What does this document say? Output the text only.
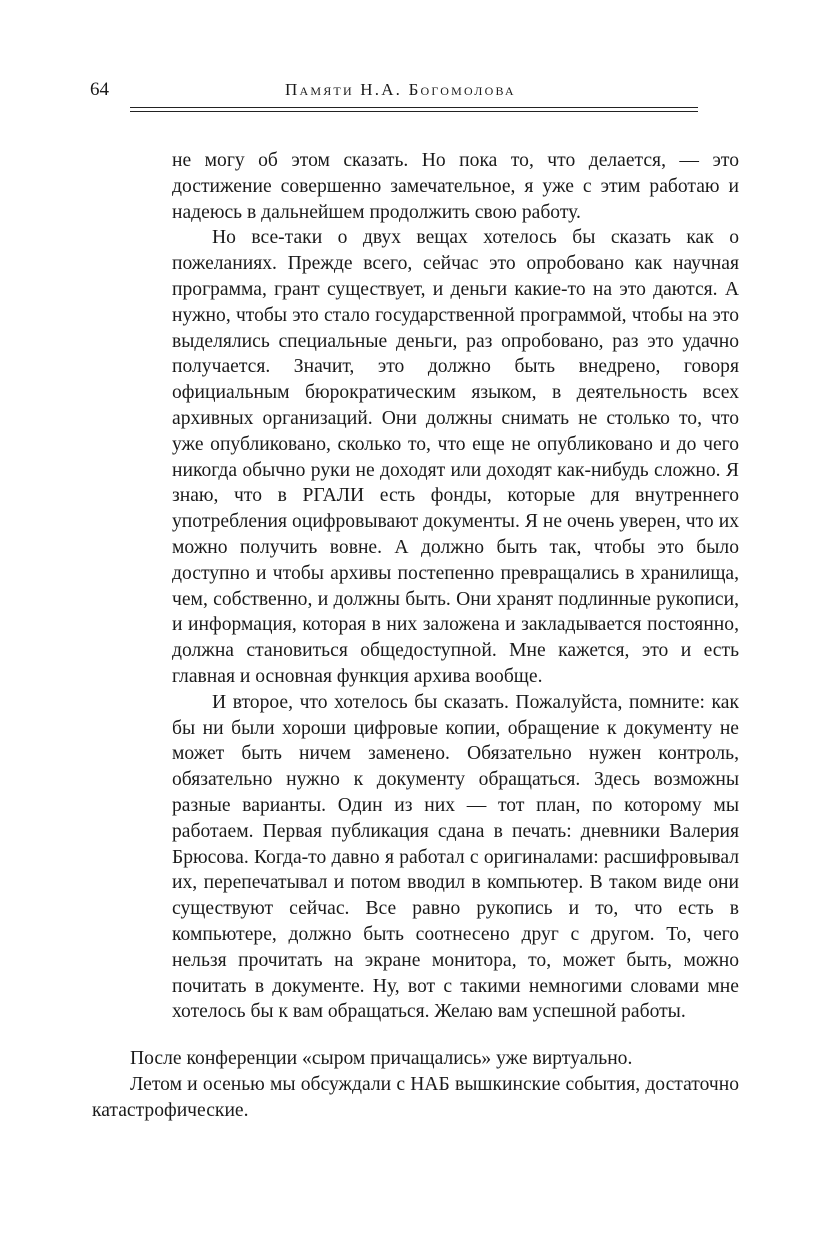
64	Памяти Н.А. Богомолова

не могу об этом сказать. Но пока то, что делается, — это достижение совершенно замечательное, я уже с этим работаю и надеюсь в дальнейшем продолжить свою работу.

Но все-таки о двух вещах хотелось бы сказать как о пожеланиях. Прежде всего, сейчас это опробовано как научная программа, грант существует, и деньги какие-то на это даются. А нужно, чтобы это стало государственной программой, чтобы на это выделялись специальные деньги, раз опробовано, раз это удачно получается. Значит, это должно быть внедрено, говоря официальным бюрократическим языком, в деятельность всех архивных организаций. Они должны снимать не столько то, что уже опубликовано, сколько то, что еще не опубликовано и до чего никогда обычно руки не доходят или доходят как-нибудь сложно. Я знаю, что в РГАЛИ есть фонды, которые для внутреннего употребления оцифровывают документы. Я не очень уверен, что их можно получить вовне. А должно быть так, чтобы это было доступно и чтобы архивы постепенно превращались в хранилища, чем, собственно, и должны быть. Они хранят подлинные рукописи, и информация, которая в них заложена и закладывается постоянно, должна становиться общедоступной. Мне кажется, это и есть главная и основная функция архива вообще.

И второе, что хотелось бы сказать. Пожалуйста, помните: как бы ни были хороши цифровые копии, обращение к документу не может быть ничем заменено. Обязательно нужен контроль, обязательно нужно к документу обращаться. Здесь возможны разные варианты. Один из них — тот план, по которому мы работаем. Первая публикация сдана в печать: дневники Валерия Брюсова. Когда-то давно я работал с оригиналами: расшифровывал их, перепечатывал и потом вводил в компьютер. В таком виде они существуют сейчас. Все равно рукопись и то, что есть в компьютере, должно быть соотнесено друг с другом. То, чего нельзя прочитать на экране монитора, то, может быть, можно почитать в документе. Ну, вот с такими немногими словами мне хотелось бы к вам обращаться. Желаю вам успешной работы.

После конференции «сыром причащались» уже виртуально.

Летом и осенью мы обсуждали с НАБ вышкинские события, достаточно катастрофические.
